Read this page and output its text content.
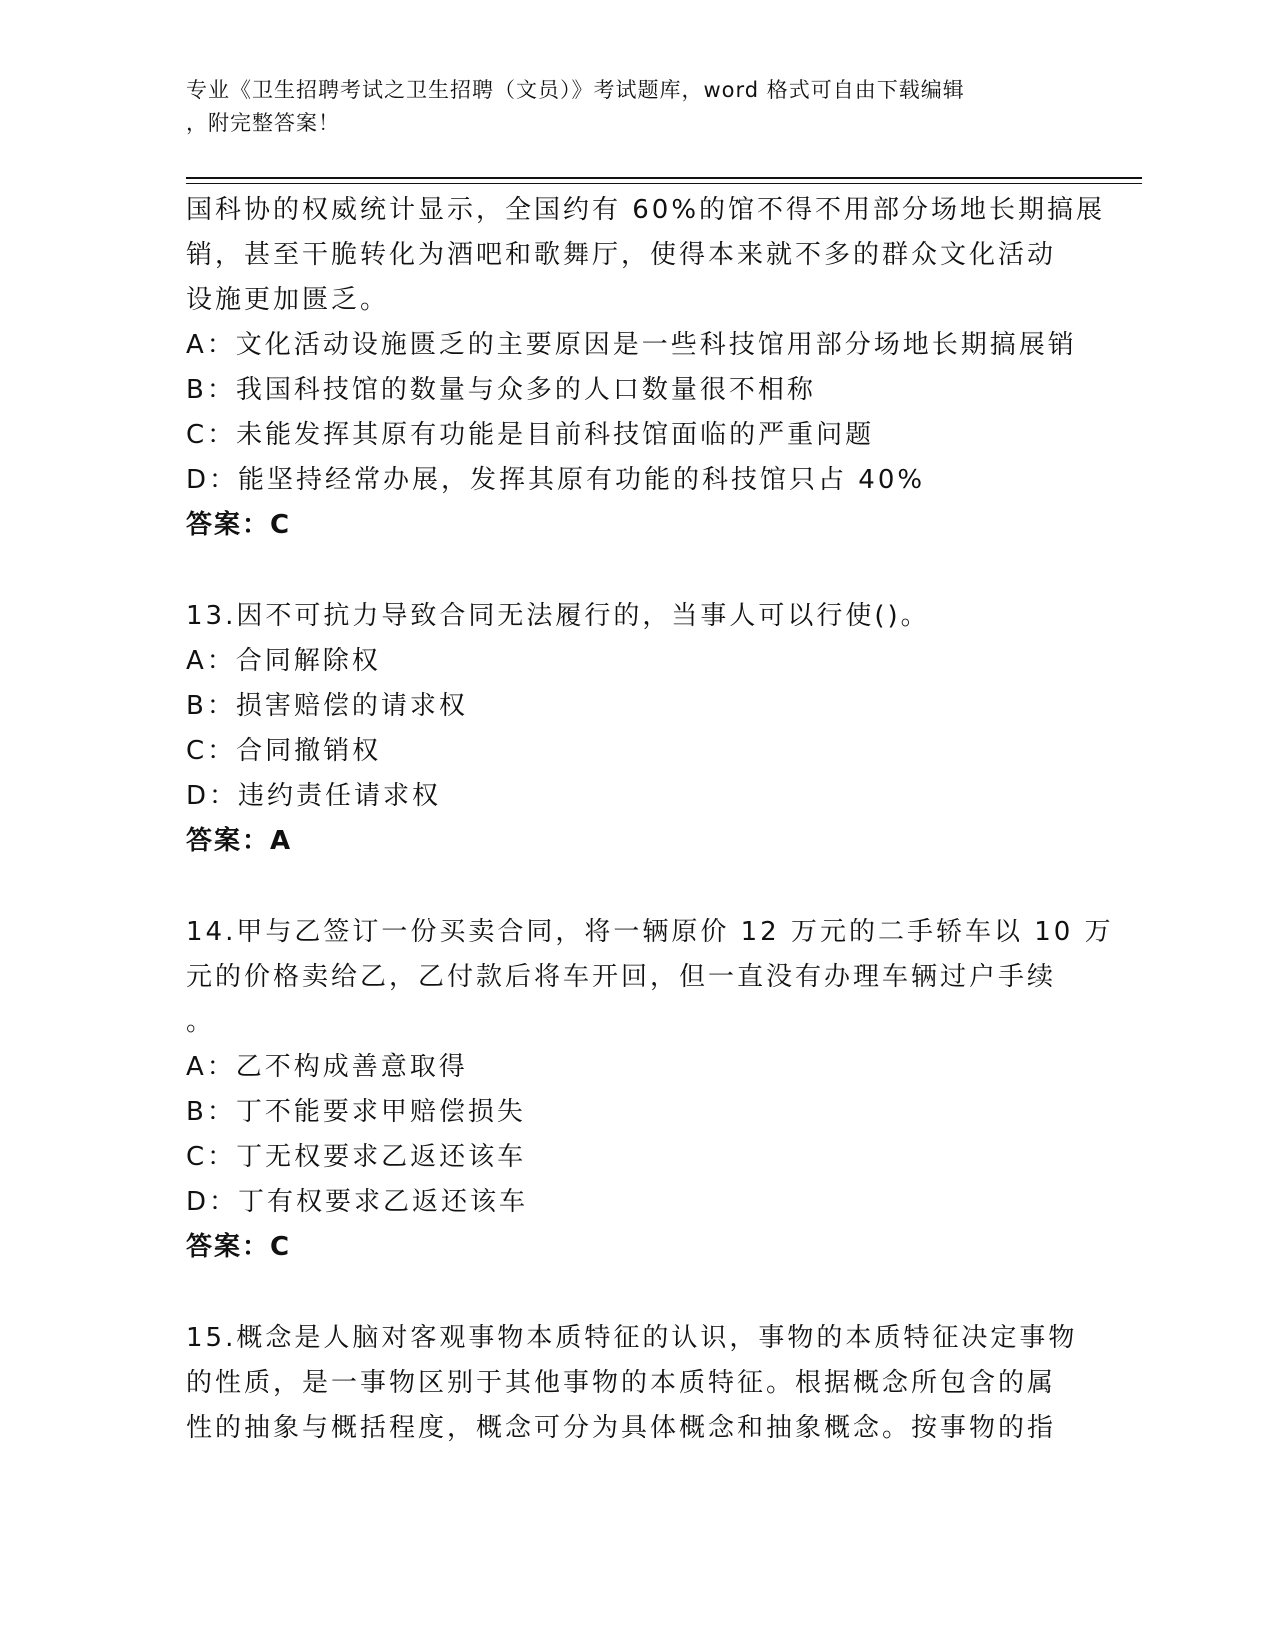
专业《卫生招聘考试之卫生招聘（文员）》考试题库，word 格式可自由下载编辑
，附完整答案！
国科协的权威统计显示，全国约有 60%的馆不得不用部分场地长期搞展
销，甚至干脆转化为酒吧和歌舞厅，使得本来就不多的群众文化活动
设施更加匮乏。
A：文化活动设施匮乏的主要原因是一些科技馆用部分场地长期搞展销
B：我国科技馆的数量与众多的人口数量很不相称
C：未能发挥其原有功能是目前科技馆面临的严重问题
D：能坚持经常办展，发挥其原有功能的科技馆只占 40%
答案：C
13.因不可抗力导致合同无法履行的，当事人可以行使()。
A：合同解除权
B：损害赔偿的请求权
C：合同撤销权
D：违约责任请求权
答案：A
14.甲与乙签订一份买卖合同，将一辆原价 12 万元的二手轿车以 10 万
元的价格卖给乙，乙付款后将车开回，但一直没有办理车辆过户手续
。
A：乙不构成善意取得
B：丁不能要求甲赔偿损失
C：丁无权要求乙返还该车
D：丁有权要求乙返还该车
答案：C
15.概念是人脑对客观事物本质特征的认识，事物的本质特征决定事物
的性质，是一事物区别于其他事物的本质特征。根据概念所包含的属
性的抽象与概括程度，概念可分为具体概念和抽象概念。按事物的指
